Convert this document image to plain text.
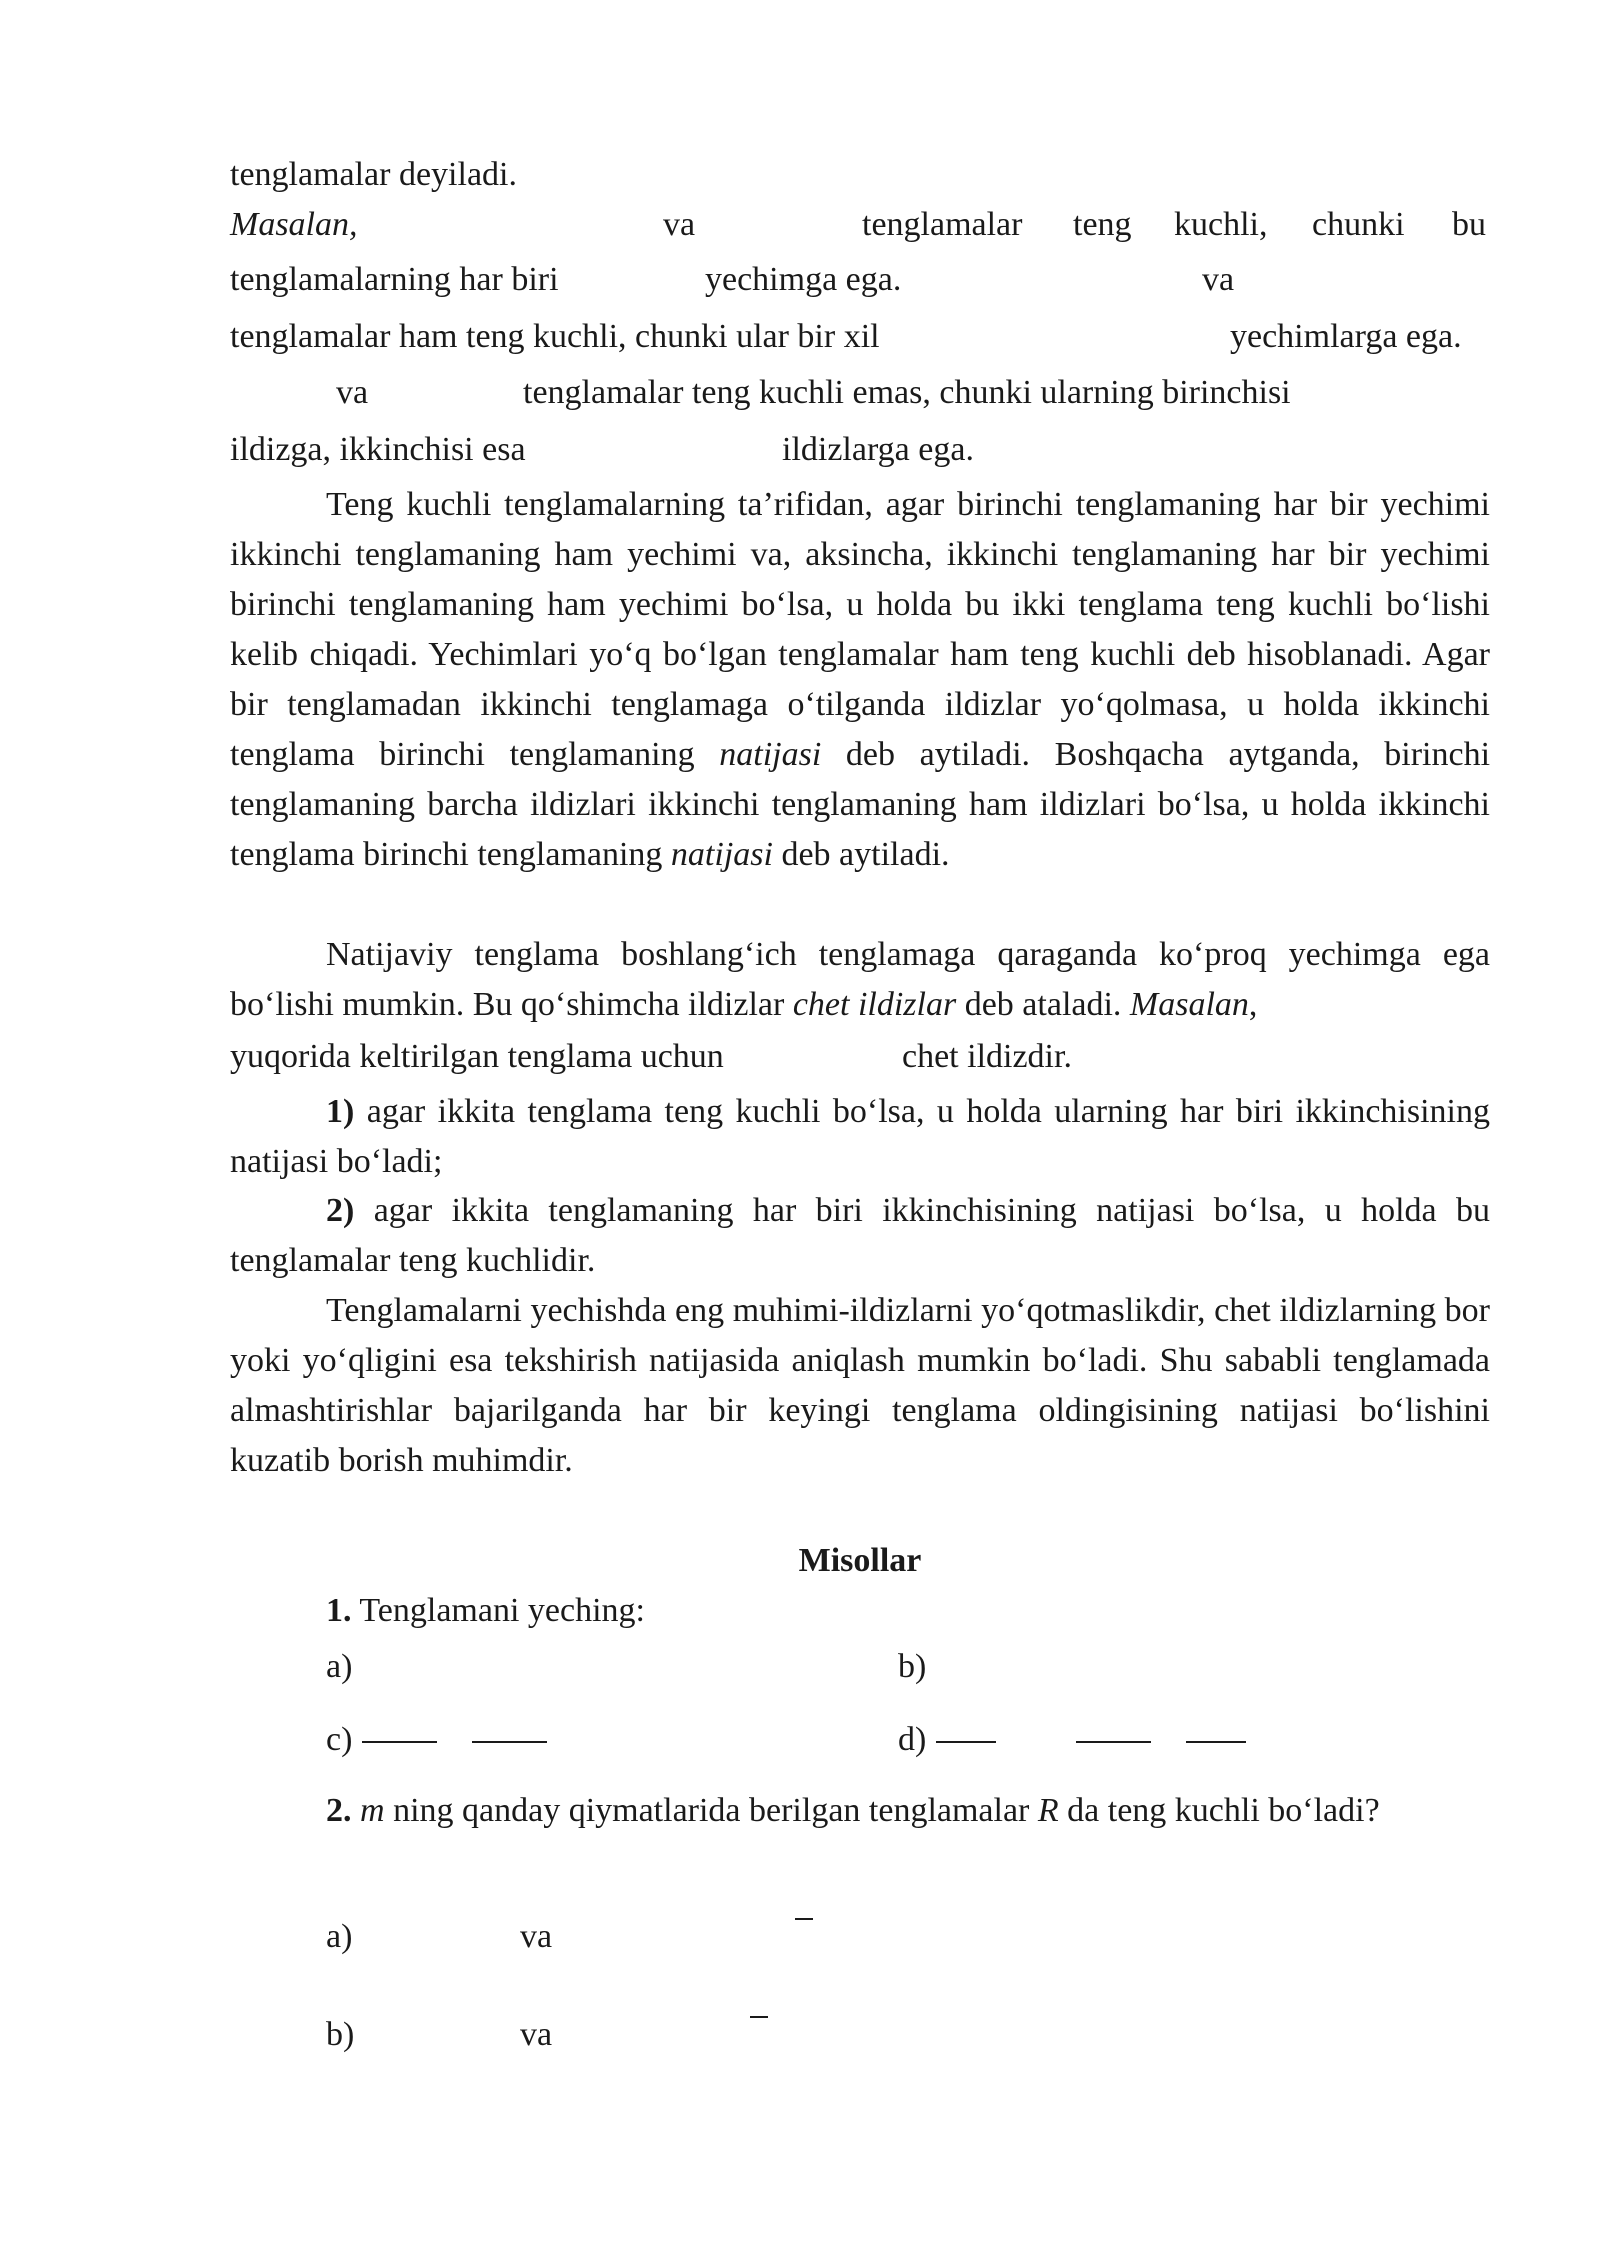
tenglamalar deyiladi.
Masalan,	va	tenglamalar teng kuchli, chunki bu
tenglamalarning har biri	yechimga ega.	va
tenglamalar ham teng kuchli, chunki ular bir xil	yechimlarga ega.
va	tenglamalar teng kuchli emas, chunki ularning birinchisi
ildizga, ikkinchisi esa	ildizlarga ega.
Teng kuchli tenglamalarning ta’rifidan, agar birinchi tenglamaning har bir yechimi ikkinchi tenglamaning ham yechimi va, aksincha, ikkinchi tenglamaning har bir yechimi birinchi tenglamaning ham yechimi bo‘lsa, u holda bu ikki tenglama teng kuchli bo‘lishi kelib chiqadi. Yechimlari yo‘q bo‘lgan tenglamalar ham teng kuchli deb hisoblanadi. Agar bir tenglamadan ikkinchi tenglamaga o‘tilganda ildizlar yo‘qolmasa, u holda ikkinchi tenglama birinchi tenglamaning natijasi deb aytiladi. Boshqacha aytganda, birinchi tenglamaning barcha ildizlari ikkinchi tenglamaning ham ildizlari bo‘lsa, u holda ikkinchi tenglama birinchi tenglamaning natijasi deb aytiladi.
Natijaviy tenglama boshlang‘ich tenglamaga qaraganda ko‘proq yechimga ega bo‘lishi mumkin. Bu qo‘shimcha ildizlar chet ildizlar deb ataladi. Masalan,
yuqorida keltirilgan tenglama uchun	chet ildizdir.
1) agar ikkita tenglama teng kuchli bo‘lsa, u holda ularning har biri ikkinchisining natijasi bo‘ladi;
2) agar ikkita tenglamaning har biri ikkinchisining natijasi bo‘lsa, u holda bu tenglamalar teng kuchlidir.
Tenglamalarni yechishda eng muhimi-ildizlarni yo‘qotmaslikdir, chet ildizlarning bor yoki yo‘qligini esa tekshirish natijasida aniqlash mumkin bo‘ladi. Shu sababli tenglamada almashtirishlar bajarilganda har bir keyingi tenglama oldingisining natijasi bo‘lishini kuzatib borish muhimdir.
Misollar
1. Tenglamani yeching:
a)	b)
c)	d)
2. m ning qanday qiymatlarida berilgan tenglamalar R da teng kuchli bo‘ladi?
a)	va
b)	va
